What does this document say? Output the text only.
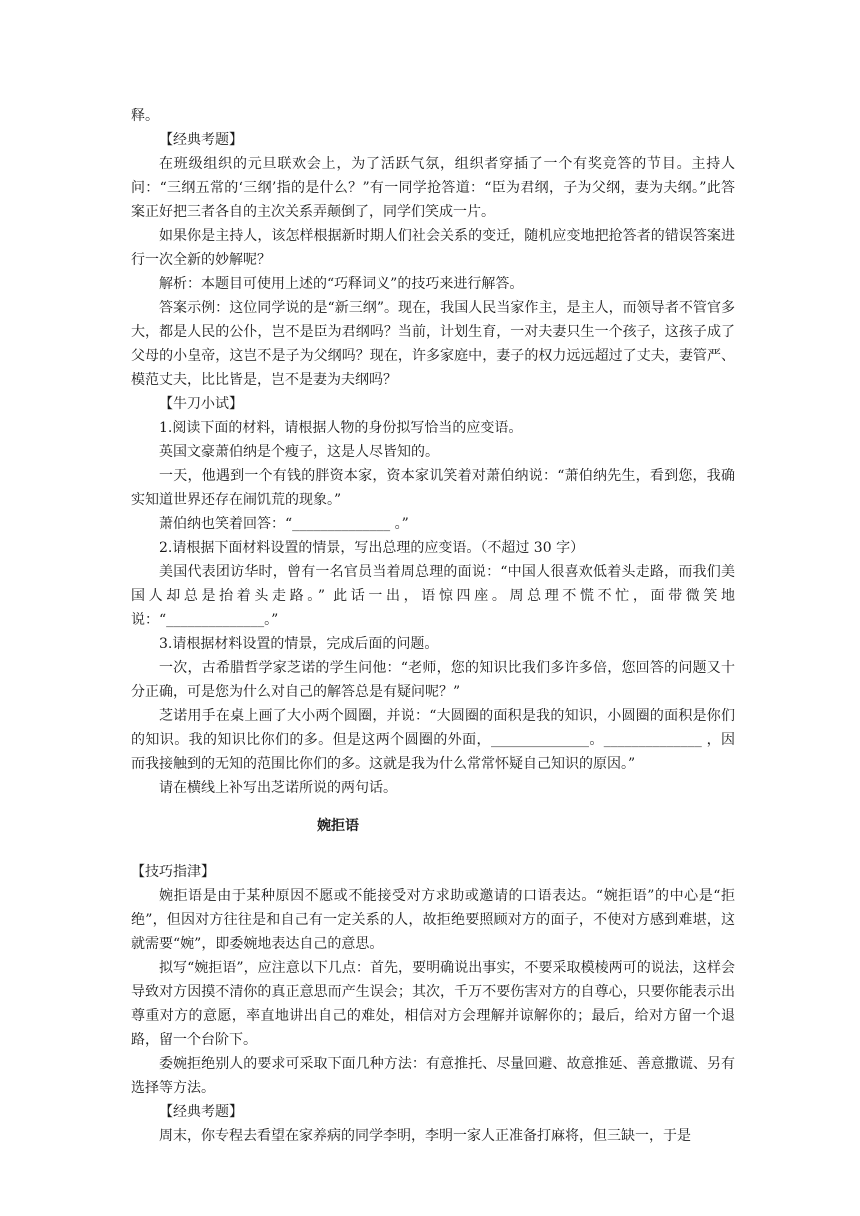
释。

【经典考题】

在班级组织的元旦联欢会上，为了活跃气氛，组织者穿插了一个有奖竞答的节目。主持人问：“三纲五常的‘三纲’指的是什么？”有一同学抢答道：“臣为君纲，子为父纲，妻为夫纲。”此答案正好把三者各自的主次关系弄颠倒了，同学们笑成一片。

如果你是主持人，该怎样根据新时期人们社会关系的变迁，随机应变地把抢答者的错误答案进行一次全新的妙解呢？

解析：本题目可使用上述的“巧释词义”的技巧来进行解答。

答案示例：这位同学说的是“新三纲”。现在，我国人民当家作主，是主人，而领导者不管官多大，都是人民的公仆，岂不是臣为君纲吗？当前，计划生育，一对夫妻只生一个孩子，这孩子成了父母的小皇帝，这岂不是子为父纲吗？现在，许多家庭中，妻子的权力远远超过了丈夫，妻管严、模范丈夫，比比皆是，岂不是妻为夫纲吗？

【牛刀小试】

1.阅读下面的材料，请根据人物的身份拟写恰当的应变语。

英国文豪萧伯纳是个瘦子，这是人尽皆知的。

一天，他遇到一个有钱的胖资本家，资本家讥笑着对萧伯纳说：“萧伯纳先生，看到您，我确实知道世界还存在闹饥荒的现象。”

萧伯纳也笑着回答：“______________ 。”

2.请根据下面材料设置的情景，写出总理的应变语。（不超过 30 字）

美国代表团访华时，曾有一名官员当着周总理的面说：“中国人很喜欢低着头走路，而我们美国人却总是抬着头走路。” 此话一出，语惊四座。周总理不慌不忙，面带微笑地说：“______________。”

3.请根据材料设置的情景，完成后面的问题。

一次，古希腊哲学家芝诺的学生问他：“老师，您的知识比我们多许多倍，您回答的问题又十分正确，可是您为什么对自己的解答总是有疑问呢？”

芝诺用手在桌上画了大小两个圆圈，并说：“大圆圈的面积是我的知识，小圆圈的面积是你们的知识。我的知识比你们的多。但是这两个圆圈的外面，______________。______________ ，因而我接触到的无知的范围比你们的多。这就是我为什么常常怀疑自己知识的原因。”

请在横线上补写出芝诺所说的两句话。

婉拒语

【技巧指津】

婉拒语是由于某种原因不愿或不能接受对方求助或邀请的口语表达。“婉拒语”的中心是“拒绝”，但因对方往往是和自己有一定关系的人，故拒绝要照顾对方的面子，不使对方感到难堪，这就需要“婉”，即委婉地表达自己的意思。

拟写“婉拒语”，应注意以下几点：首先，要明确说出事实，不要采取模棱两可的说法，这样会导致对方因摸不清你的真正意思而产生误会；其次，千万不要伤害对方的自尊心，只要你能表示出尊重对方的意愿，率直地讲出自己的难处，相信对方会理解并谅解你的；最后，给对方留一个退路，留一个台阶下。

委婉拒绝别人的要求可采取下面几种方法：有意推托、尽量回避、故意推延、善意撒谎、另有选择等方法。

【经典考题】

周末，你专程去看望在家养病的同学李明，李明一家人正准备打麻将，但三缺一，于是
